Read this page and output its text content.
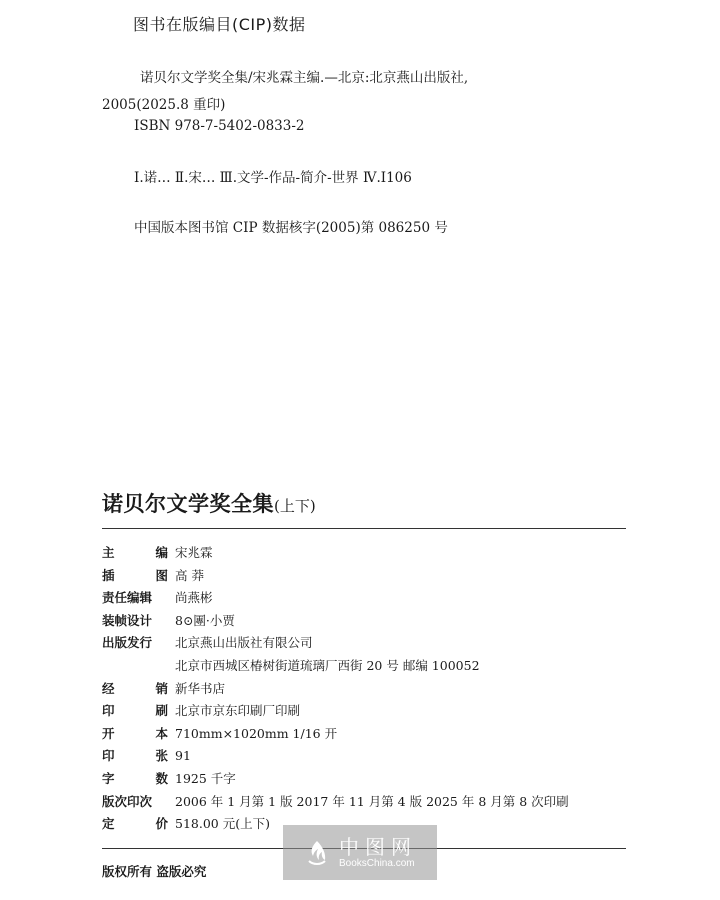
图书在版编目(CIP)数据
诺贝尔文学奖全集/宋兆霖主编.—北京:北京燕山出版社,
2005(2025.8 重印)
ISBN 978-7-5402-0833-2
Ⅰ.诺… Ⅱ.宋… Ⅲ.文学-作品-简介-世界 Ⅳ.I106
中国版本图书馆 CIP 数据核字(2005)第 086250 号
诺贝尔文学奖全集(上下)
主	编 宋兆霖
插	图 高 莽
责任编辑	尚燕彬
装帧设计	8⊙團·小贾
出版发行	北京燕山出版社有限公司
北京市西城区椿树街道琉璃厂西街 20 号 邮编 100052
经	销 新华书店
印	刷 北京市京东印刷厂印刷
开	本 710mm×1020mm 1/16 开
印	张 91
字	数 1925 千字
版次印次	2006 年 1 月第 1 版 2017 年 11 月第 4 版 2025 年 8 月第 8 次印刷
定	价 518.00 元(上下)
版权所有 盗版必究
中图网
BooksChina.com
